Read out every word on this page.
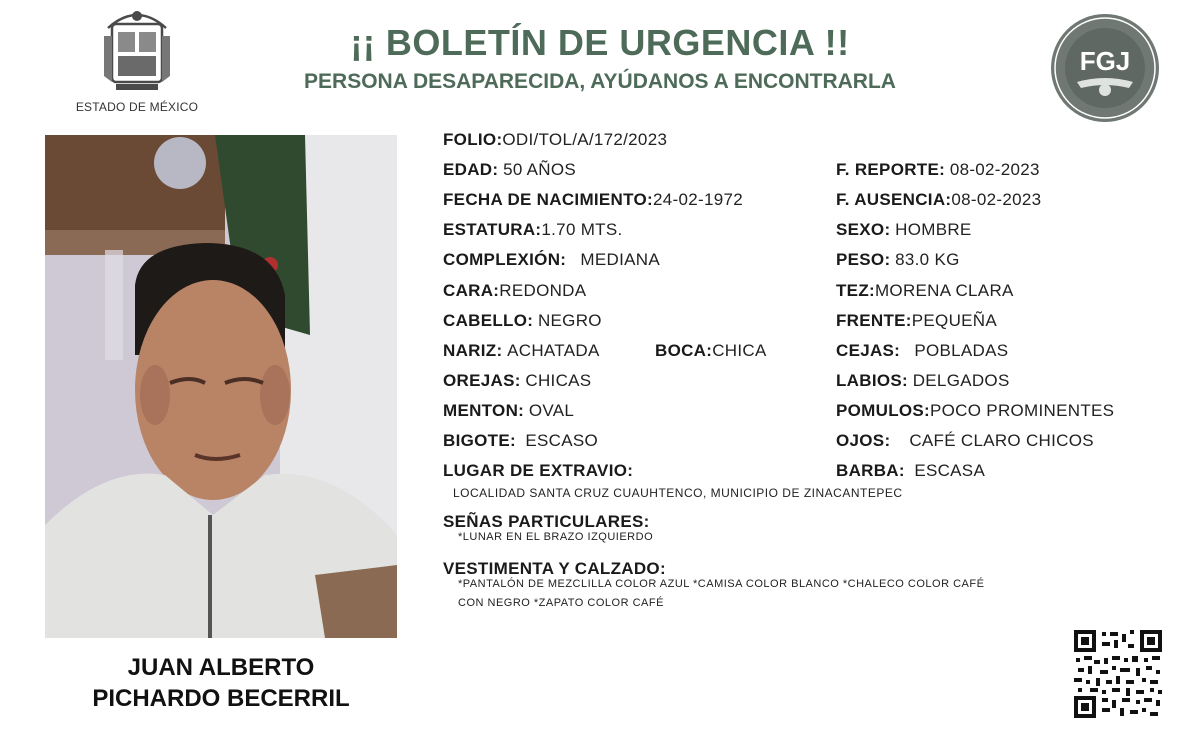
ESTADO DE MÉXICO
¡¡ BOLETÍN DE URGENCIA !!
PERSONA DESAPARECIDA, AYÚDANOS A ENCONTRARLA
FGJ
JUAN ALBERTO
PICHARDO BECERRIL
FOLIO:ODI/TOL/A/172/2023
EDAD: 50 AÑOS
FECHA DE NACIMIENTO:24-02-1972
ESTATURA:1.70 MTS.
COMPLEXIÓN: MEDIANA
CARA:REDONDA
CABELLO: NEGRO
NARIZ: ACHATADA	BOCA:CHICA
OREJAS: CHICAS
MENTON: OVAL
BIGOTE: ESCASO
F. REPORTE: 08-02-2023
F. AUSENCIA:08-02-2023
SEXO: HOMBRE
PESO: 83.0 KG
TEZ:MORENA CLARA
FRENTE:PEQUEÑA
CEJAS: POBLADAS
LABIOS: DELGADOS
POMULOS:POCO PROMINENTES
OJOS: CAFÉ CLARO CHICOS
BARBA: ESCASA
LUGAR DE EXTRAVIO:
LOCALIDAD SANTA CRUZ CUAUHTENCO, MUNICIPIO DE ZINACANTEPEC
SEÑAS PARTICULARES:
*LUNAR EN EL BRAZO IZQUIERDO
VESTIMENTA Y CALZADO:
*PANTALÓN DE MEZCLILLA COLOR AZUL *CAMISA COLOR BLANCO *CHALECO COLOR CAFÉ
CON NEGRO *ZAPATO COLOR CAFÉ
